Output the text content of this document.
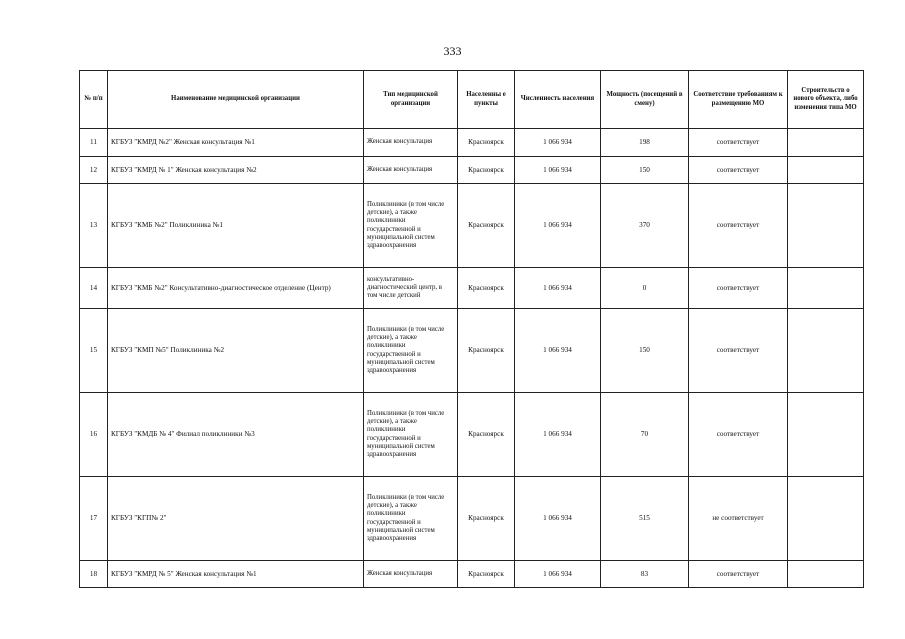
333
№ п/п	Наименование медицинской организации	Тип медицинской организации	Населенны е пункты	Численность населения	Мощность (посещений в смену)	Соответствие требованиям к размещению МО	Строительств о нового объекта, либо изменения типа МО
11	КГБУЗ "КМРД №2" Женская консультация №1	Женская консультация	Красноярск	1 066 934	198	соответствует	
12	КГБУЗ "КМРД № 1" Женская консультация №2	Женская консультация	Красноярск	1 066 934	150	соответствует	
13	КГБУЗ "КМБ №2" Поликлиника №1	Поликлиники (в том числе детские), а также поликлиники государственной и муниципальной систем здравоохранения	Красноярск	1 066 934	370	соответствует	
14	КГБУЗ "КМБ №2" Консультативно-диагностическое отделение (Центр)	консультативно-диагностический центр, в том числе детский	Красноярск	1 066 934	0	соответствует	
15	КГБУЗ "КМП №5" Поликлиника №2	Поликлиники (в том числе детские), а также поликлиники государственной и муниципальной систем здравоохранения	Красноярск	1 066 934	150	соответствует	
16	КГБУЗ "КМДБ № 4" Филиал поликлиники №3	Поликлиники (в том числе детские), а также поликлиники государственной и муниципальной систем здравоохранения	Красноярск	1 066 934	70	соответствует	
17	КГБУЗ "КГП№ 2"	Поликлиники (в том числе детские), а также поликлиники государственной и муниципальной систем здравоохранения	Красноярск	1 066 934	515	не соответствует	
18	КГБУЗ "КМРД № 5" Женская консультация №1	Женская консультация	Красноярск	1 066 934	83	соответствует	
